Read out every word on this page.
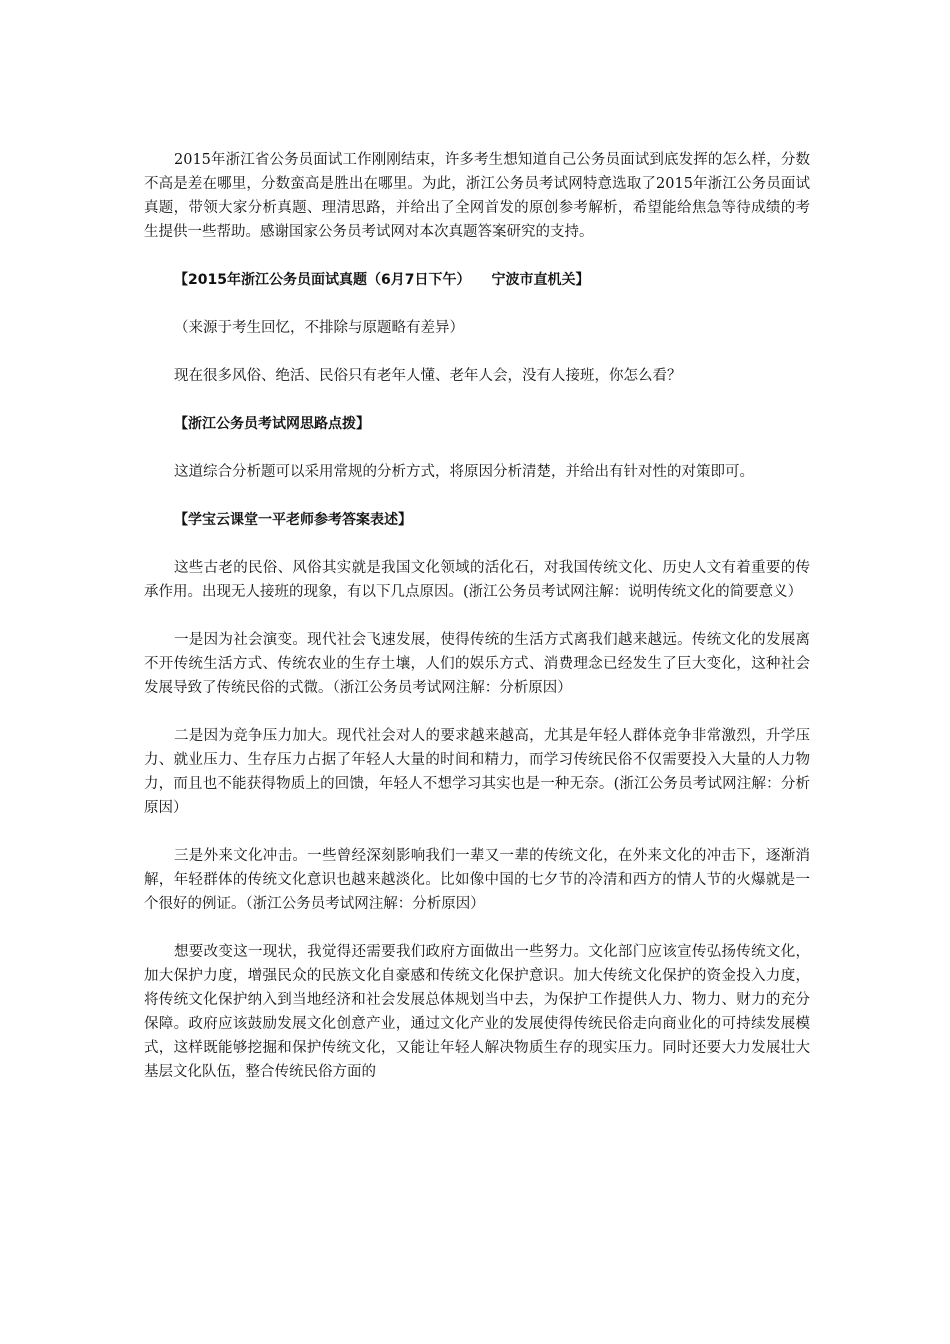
2015年浙江省公务员面试工作刚刚结束，许多考生想知道自己公务员面试到底发挥的怎么样，分数不高是差在哪里，分数蛮高是胜出在哪里。为此，浙江公务员考试网特意选取了2015年浙江公务员面试真题，带领大家分析真题、理清思路，并给出了全网首发的原创参考解析，希望能给焦急等待成绩的考生提供一些帮助。感谢国家公务员考试网对本次真题答案研究的支持。

【2015年浙江公务员面试真题（6月7日下午）　　宁波市直机关】

（来源于考生回忆，不排除与原题略有差异）

现在很多风俗、绝活、民俗只有老年人懂、老年人会，没有人接班，你怎么看？

【浙江公务员考试网思路点拨】

这道综合分析题可以采用常规的分析方式，将原因分析清楚，并给出有针对性的对策即可。

【学宝云课堂一平老师参考答案表述】

这些古老的民俗、风俗其实就是我国文化领域的活化石，对我国传统文化、历史人文有着重要的传承作用。出现无人接班的现象，有以下几点原因。(浙江公务员考试网注解：说明传统文化的简要意义）

一是因为社会演变。现代社会飞速发展，使得传统的生活方式离我们越来越远。传统文化的发展离不开传统生活方式、传统农业的生存土壤，人们的娱乐方式、消费理念已经发生了巨大变化，这种社会发展导致了传统民俗的式微。（浙江公务员考试网注解：分析原因）

二是因为竞争压力加大。现代社会对人的要求越来越高，尤其是年轻人群体竞争非常激烈，升学压力、就业压力、生存压力占据了年轻人大量的时间和精力，而学习传统民俗不仅需要投入大量的人力物力，而且也不能获得物质上的回馈，年轻人不想学习其实也是一种无奈。(浙江公务员考试网注解：分析原因）

三是外来文化冲击。一些曾经深刻影响我们一辈又一辈的传统文化，在外来文化的冲击下，逐渐消解，年轻群体的传统文化意识也越来越淡化。比如像中国的七夕节的冷清和西方的情人节的火爆就是一个很好的例证。（浙江公务员考试网注解：分析原因）

想要改变这一现状，我觉得还需要我们政府方面做出一些努力。文化部门应该宣传弘扬传统文化，加大保护力度，增强民众的民族文化自豪感和传统文化保护意识。加大传统文化保护的资金投入力度，将传统文化保护纳入到当地经济和社会发展总体规划当中去，为保护工作提供人力、物力、财力的充分保障。政府应该鼓励发展文化创意产业，通过文化产业的发展使得传统民俗走向商业化的可持续发展模式，这样既能够挖掘和保护传统文化，又能让年轻人解决物质生存的现实压力。同时还要大力发展壮大基层文化队伍，整合传统民俗方面的
